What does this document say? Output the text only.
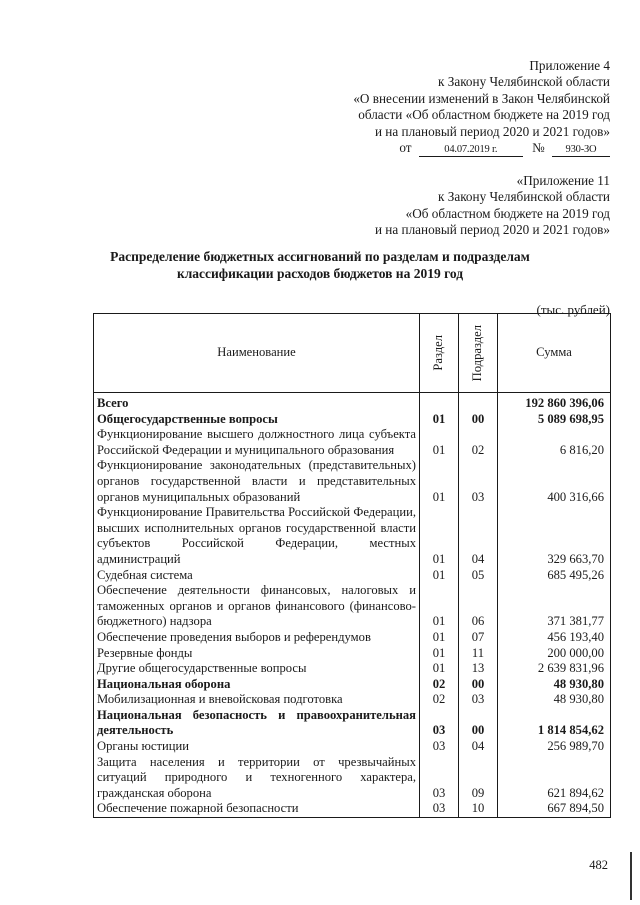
Приложение 4
к Закону Челябинской области
«О внесении изменений в Закон Челябинской
области «Об областном бюджете на 2019 год
и на плановый период 2020 и 2021 годов»
от	04.07.2019 г.	№ 930-ЗО
«Приложение 11
к Закону Челябинской области
«Об областном бюджете на 2019 год
и на плановый период 2020 и 2021 годов»
Распределение бюджетных ассигнований по разделам и подразделам
классификации расходов бюджетов на 2019 год
(тыс. рублей)
Наименование	Раздел	Подраздел	Сумма
Всего			192 860 396,06
Общегосударственные вопросы	01	00	5 089 698,95
Функционирование высшего должностного лица субъекта Российской Федерации и муниципального образования	01	02	6 816,20
Функционирование законодательных (представительных) органов государственной власти и представительных органов муниципальных образований	01	03	400 316,66
Функционирование Правительства Российской Федерации, высших исполнительных органов государственной власти субъектов Российской Федерации, местных администраций	01	04	329 663,70
Судебная система	01	05	685 495,26
Обеспечение деятельности финансовых, налоговых и таможенных органов и органов финансового (финансово-бюджетного) надзора	01	06	371 381,77
Обеспечение проведения выборов и референдумов	01	07	456 193,40
Резервные фонды	01	11	200 000,00
Другие общегосударственные вопросы	01	13	2 639 831,96
Национальная оборона	02	00	48 930,80
Мобилизационная и вневойсковая подготовка	02	03	48 930,80
Национальная безопасность и правоохранительная деятельность	03	00	1 814 854,62
Органы юстиции	03	04	256 989,70
Защита населения и территории от чрезвычайных ситуаций природного и техногенного характера, гражданская оборона	03	09	621 894,62
Обеспечение пожарной безопасности	03	10	667 894,50
482
